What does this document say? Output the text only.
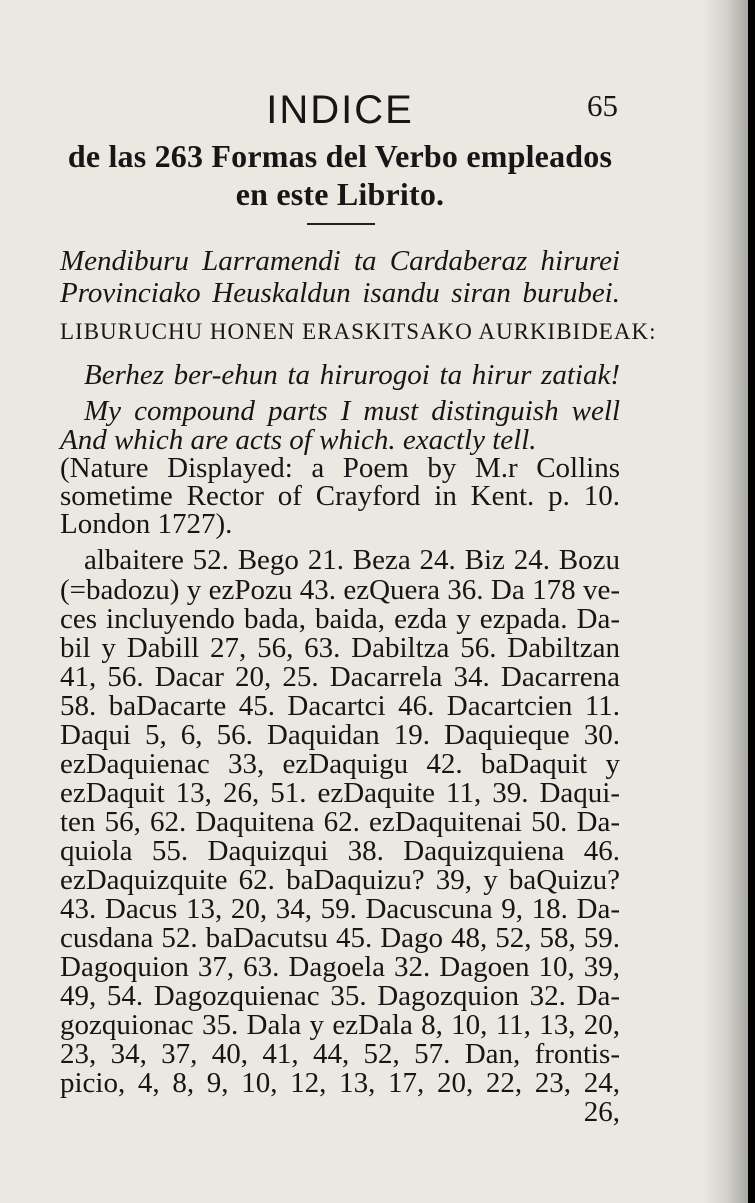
INDICE	65
de las 263 Formas del Verbo empleados
en este Librito.
Mendiburu Larramendi ta Cardaberaz hirurei
Provinciako Heuskaldun isandu siran burubei.
LIBURUCHU HONEN ERASKITSAKO AURKIBIDEAK:
Berhez ber-ehun ta hirurogoi ta hirur zatiak!
My compound parts I must distinguish well
And which are acts of which. exactly tell.
(Nature Displayed: a Poem by M.r Collins
sometime Rector of Crayford in Kent. p. 10.
London 1727).
albaitere 52. Bego 21. Beza 24. Biz 24. Bozu
(=badozu) y ezPozu 43. ezQuera 36. Da 178 ve-
ces incluyendo bada, baida, ezda y ezpada. Da-
bil y Dabill 27, 56, 63. Dabiltza 56. Dabiltzan
41, 56. Dacar 20, 25. Dacarrela 34. Dacarrena
58. baDacarte 45. Dacartci 46. Dacartcien 11.
Daqui 5, 6, 56. Daquidan 19. Daquieque 30.
ezDaquienac 33, ezDaquigu 42. baDaquit y
ezDaquit 13, 26, 51. ezDaquite 11, 39. Daqui-
ten 56, 62. Daquitena 62. ezDaquitenai 50. Da-
quiola 55. Daquizqui 38. Daquizquiena 46.
ezDaquizquite 62. baDaquizu? 39, y baQuizu?
43. Dacus 13, 20, 34, 59. Dacuscuna 9, 18. Da-
cusdana 52. baDacutsu 45. Dago 48, 52, 58, 59.
Dagoquion 37, 63. Dagoela 32. Dagoen 10, 39,
49, 54. Dagozquienac 35. Dagozquion 32. Da-
gozquionac 35. Dala y ezDala 8, 10, 11, 13, 20,
23, 34, 37, 40, 41, 44, 52, 57. Dan, frontis-
picio, 4, 8, 9, 10, 12, 13, 17, 20, 22, 23, 24,
26,
